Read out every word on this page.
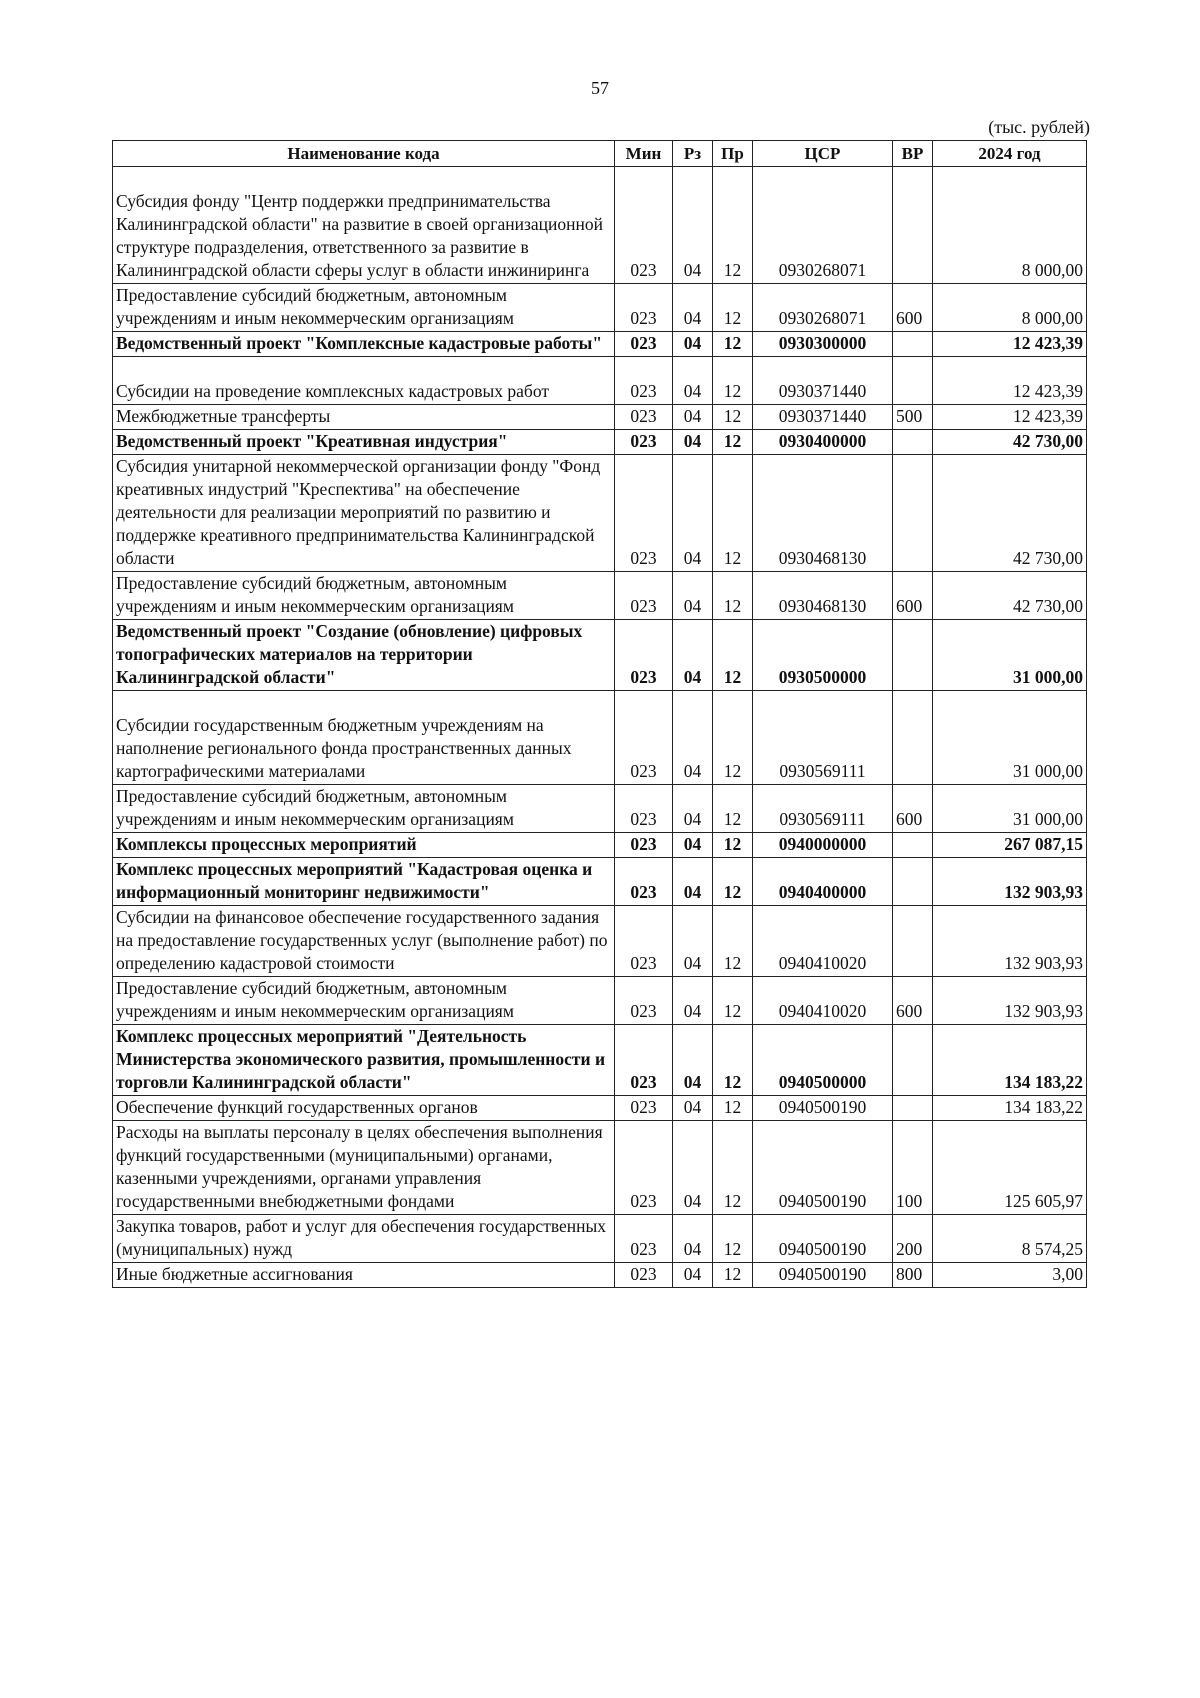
57
(тыс. рублей)
Наименование кода	Мин	Рз	Пр	ЦСР	ВР	2024 год
Субсидия фонду "Центр поддержки предпринимательства Калининградской области" на развитие в своей организационной структуре подразделения, ответственного за развитие в Калининградской области сферы услуг в области инжиниринга	023	04	12	0930268071		8 000,00
Предоставление субсидий бюджетным, автономным учреждениям и иным некоммерческим организациям	023	04	12	0930268071	600	8 000,00
Ведомственный проект "Комплексные кадастровые работы"	023	04	12	0930300000		12 423,39
Субсидии на проведение комплексных кадастровых работ	023	04	12	0930371440		12 423,39
Межбюджетные трансферты	023	04	12	0930371440	500	12 423,39
Ведомственный проект "Креативная индустрия"	023	04	12	0930400000		42 730,00
Субсидия унитарной некоммерческой организации фонду "Фонд креативных индустрий "Креспектива" на обеспечение деятельности для реализации мероприятий по развитию и поддержке креативного предпринимательства Калининградской области	023	04	12	0930468130		42 730,00
Предоставление субсидий бюджетным, автономным учреждениям и иным некоммерческим организациям	023	04	12	0930468130	600	42 730,00
Ведомственный проект "Создание (обновление) цифровых топографических материалов на территории Калининградской области"	023	04	12	0930500000		31 000,00
Субсидии государственным бюджетным учреждениям на наполнение регионального фонда пространственных данных картографическими материалами	023	04	12	0930569111		31 000,00
Предоставление субсидий бюджетным, автономным учреждениям и иным некоммерческим организациям	023	04	12	0930569111	600	31 000,00
Комплексы процессных мероприятий	023	04	12	0940000000		267 087,15
Комплекс процессных мероприятий "Кадастровая оценка и информационный мониторинг недвижимости"	023	04	12	0940400000		132 903,93
Субсидии на финансовое обеспечение государственного задания на предоставление государственных услуг (выполнение работ) по определению кадастровой стоимости	023	04	12	0940410020		132 903,93
Предоставление субсидий бюджетным, автономным учреждениям и иным некоммерческим организациям	023	04	12	0940410020	600	132 903,93
Комплекс процессных мероприятий "Деятельность Министерства экономического развития, промышленности и торговли Калининградской области"	023	04	12	0940500000		134 183,22
Обеспечение функций государственных органов	023	04	12	0940500190		134 183,22
Расходы на выплаты персоналу в целях обеспечения выполнения функций государственными (муниципальными) органами, казенными учреждениями, органами управления государственными внебюджетными фондами	023	04	12	0940500190	100	125 605,97
Закупка товаров, работ и услуг для обеспечения государственных (муниципальных) нужд	023	04	12	0940500190	200	8 574,25
Иные бюджетные ассигнования	023	04	12	0940500190	800	3,00
